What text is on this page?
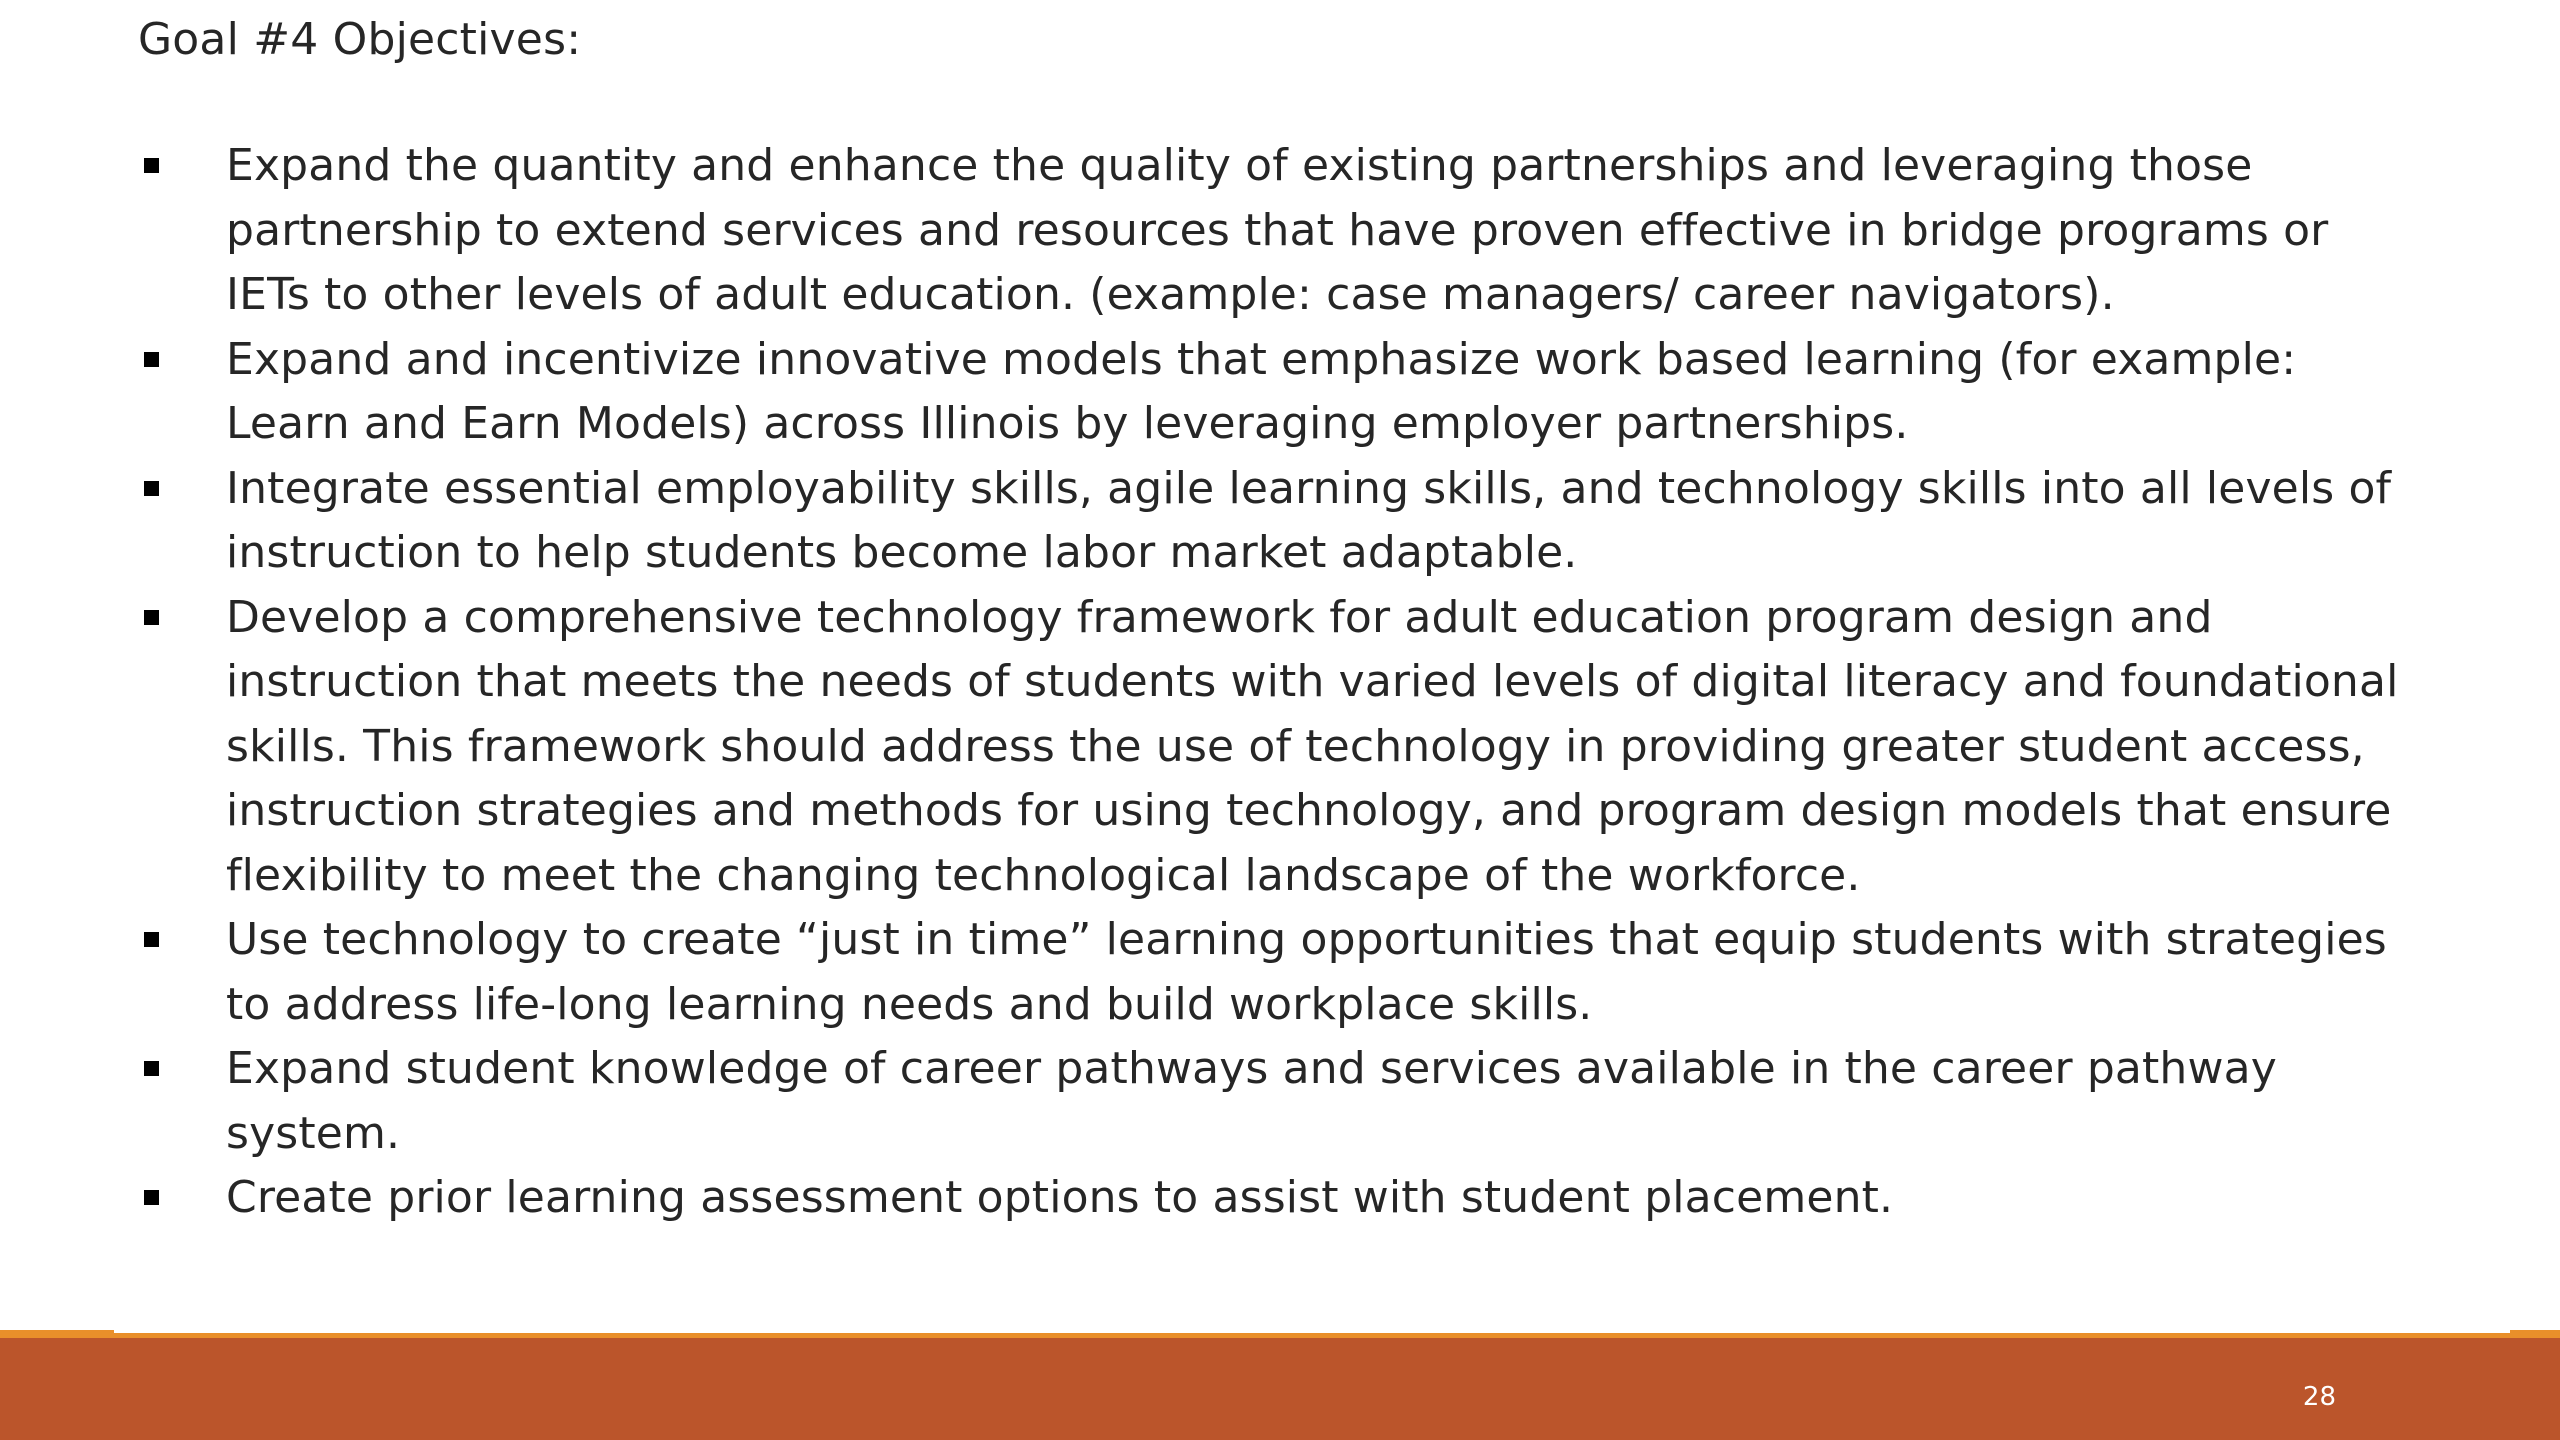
Goal #4 Objectives:
Expand the quantity and enhance the quality of existing partnerships and leveraging those partnership to extend services and resources that have proven effective in bridge programs or IETs to other levels of adult education. (example: case managers/ career navigators).
Expand and incentivize innovative models that emphasize work based learning (for example: Learn and Earn Models) across Illinois by leveraging employer partnerships.
Integrate essential employability skills, agile learning skills, and technology skills into all levels of instruction to help students become labor market adaptable.
Develop a comprehensive technology framework for adult education program design and instruction that meets the needs of students with varied levels of digital literacy and foundational skills. This framework should address the use of technology in providing greater student access, instruction strategies and methods for using technology, and program design models that ensure flexibility to meet the changing technological landscape of the workforce.
Use technology to create “just in time” learning opportunities that equip students with strategies to address life-long learning needs and build workplace skills.
Expand student knowledge of career pathways and services available in the career pathway system.
Create prior learning assessment options to assist with student placement.
28
